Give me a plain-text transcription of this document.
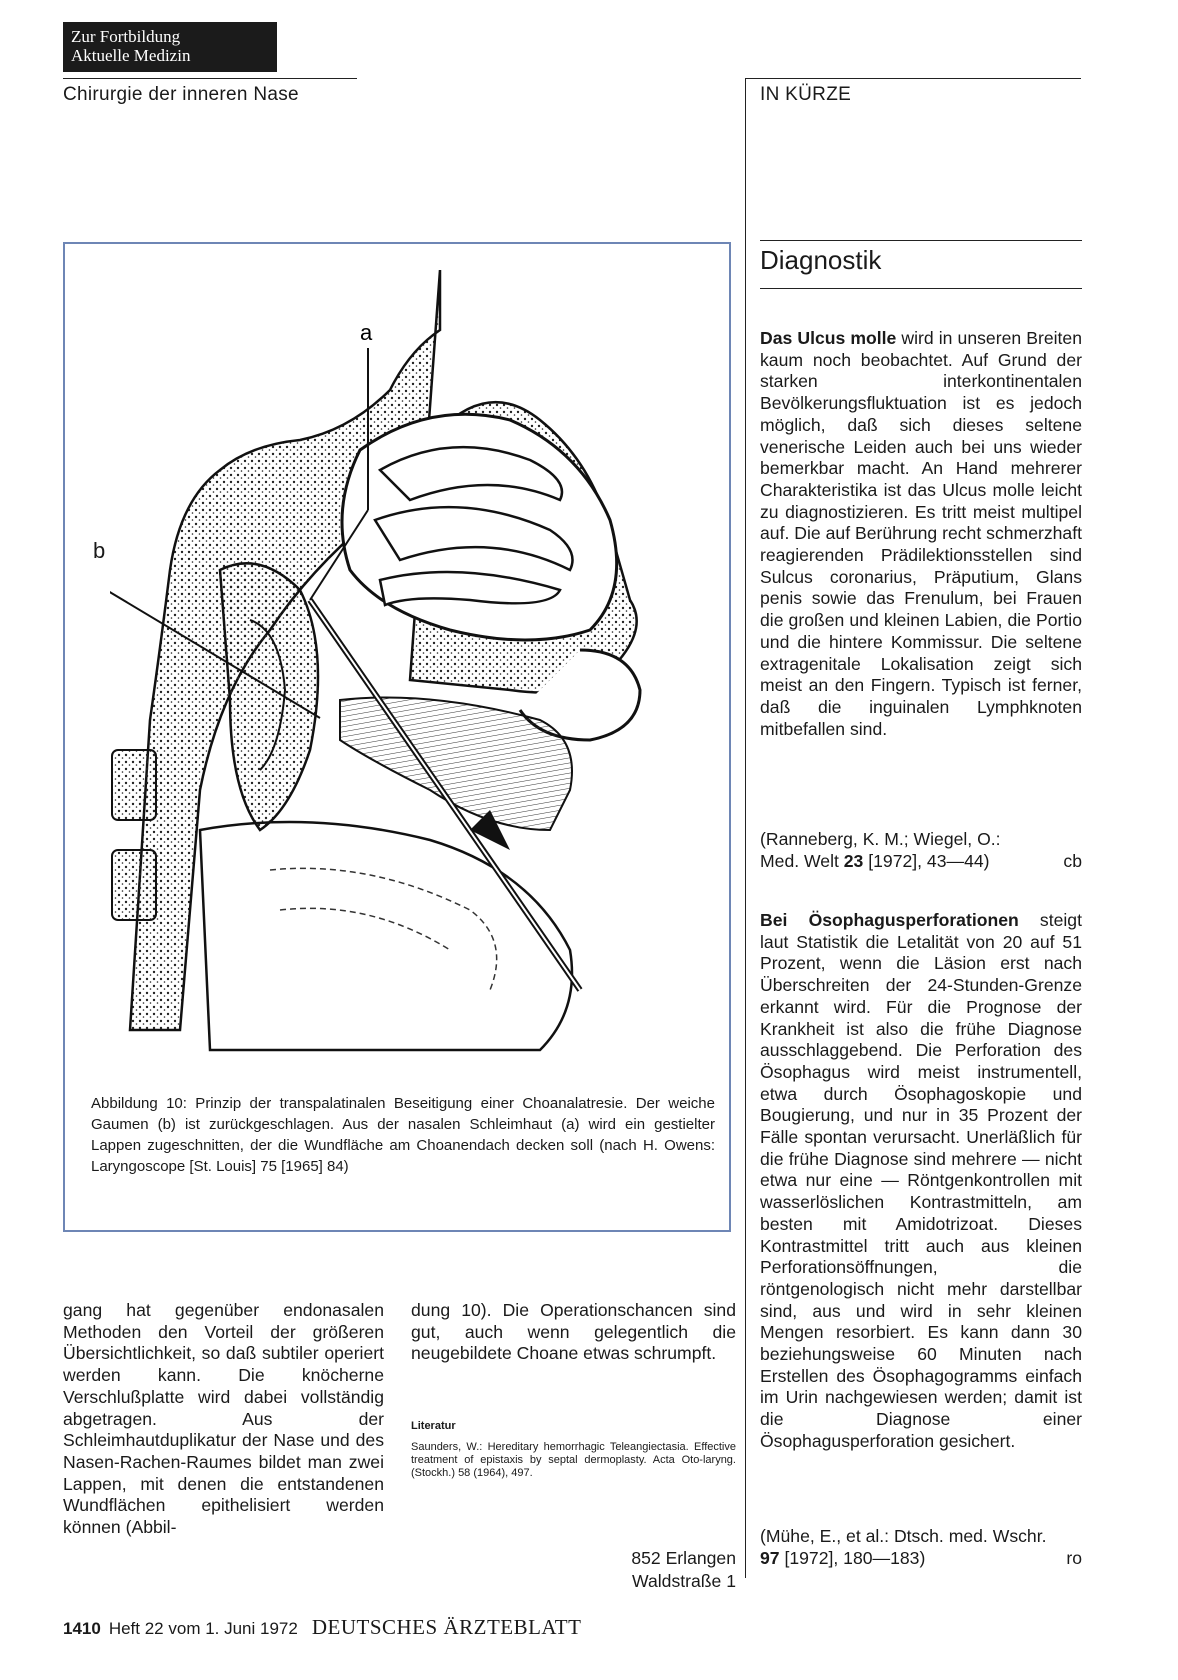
Zur Fortbildung
Aktuelle Medizin
Chirurgie der inneren Nase	IN KÜRZE
a
b
Abbildung 10: Prinzip der transpalatinalen Beseitigung einer Choanalatresie. Der weiche Gaumen (b) ist zurückgeschlagen. Aus der nasalen Schleimhaut (a) wird ein gestielter Lappen zugeschnitten, der die Wundfläche am Choanendach decken soll (nach H. Owens: Laryngoscope [St. Louis] 75 [1965] 84)
gang hat gegenüber endonasalen Methoden den Vorteil der größeren Übersichtlichkeit, so daß subtiler operiert werden kann. Die knöcherne Verschlußplatte wird dabei vollständig abgetragen. Aus der Schleimhautduplikatur der Nase und des Nasen-Rachen-Raumes bildet man zwei Lappen, mit denen die entstandenen Wundflächen epithelisiert werden können (Abbil-
dung 10). Die Operationschancen sind gut, auch wenn gelegentlich die neugebildete Choane etwas schrumpft.
Literatur
Saunders, W.: Hereditary hemorrhagic Teleangiectasia. Effective treatment of epistaxis by septal dermoplasty. Acta Oto-laryng. (Stockh.) 58 (1964), 497.
852 Erlangen
Waldstraße 1
Diagnostik

Das Ulcus molle wird in unseren Breiten kaum noch beobachtet. Auf Grund der starken interkontinentalen Bevölkerungsfluktuation ist es jedoch möglich, daß sich dieses seltene venerische Leiden auch bei uns wieder bemerkbar macht. An Hand mehrerer Charakteristika ist das Ulcus molle leicht zu diagnostizieren. Es tritt meist multipel auf. Die auf Berührung recht schmerzhaft reagierenden Prädilektionsstellen sind Sulcus coronarius, Präputium, Glans penis sowie das Frenulum, bei Frauen die großen und kleinen Labien, die Portio und die hintere Kommissur. Die seltene extragenitale Lokalisation zeigt sich meist an den Fingern. Typisch ist ferner, daß die inguinalen Lymphknoten mitbefallen sind.

(Ranneberg, K. M.; Wiegel, O.:
Med. Welt 23 [1972], 43—44)	cb

Bei Ösophagusperforationen steigt laut Statistik die Letalität von 20 auf 51 Prozent, wenn die Läsion erst nach Überschreiten der 24-Stunden-Grenze erkannt wird. Für die Prognose der Krankheit ist also die frühe Diagnose ausschlaggebend. Die Perforation des Ösophagus wird meist instrumentell, etwa durch Ösophagoskopie und Bougierung, und nur in 35 Prozent der Fälle spontan verursacht. Unerläßlich für die frühe Diagnose sind mehrere — nicht etwa nur eine — Röntgenkontrollen mit wasserlöslichen Kontrastmitteln, am besten mit Amidotrizoat. Dieses Kontrastmittel tritt auch aus kleinen Perforationsöffnungen, die röntgenologisch nicht mehr darstellbar sind, aus und wird in sehr kleinen Mengen resorbiert. Es kann dann 30 beziehungsweise 60 Minuten nach Erstellen des Ösophagogramms einfach im Urin nachgewiesen werden; damit ist die Diagnose einer Ösophagusperforation gesichert.

(Mühe, E., et al.: Dtsch. med. Wschr.
97 [1972], 180—183)	ro
1410 Heft 22 vom 1. Juni 1972 DEUTSCHES ÄRZTEBLATT
